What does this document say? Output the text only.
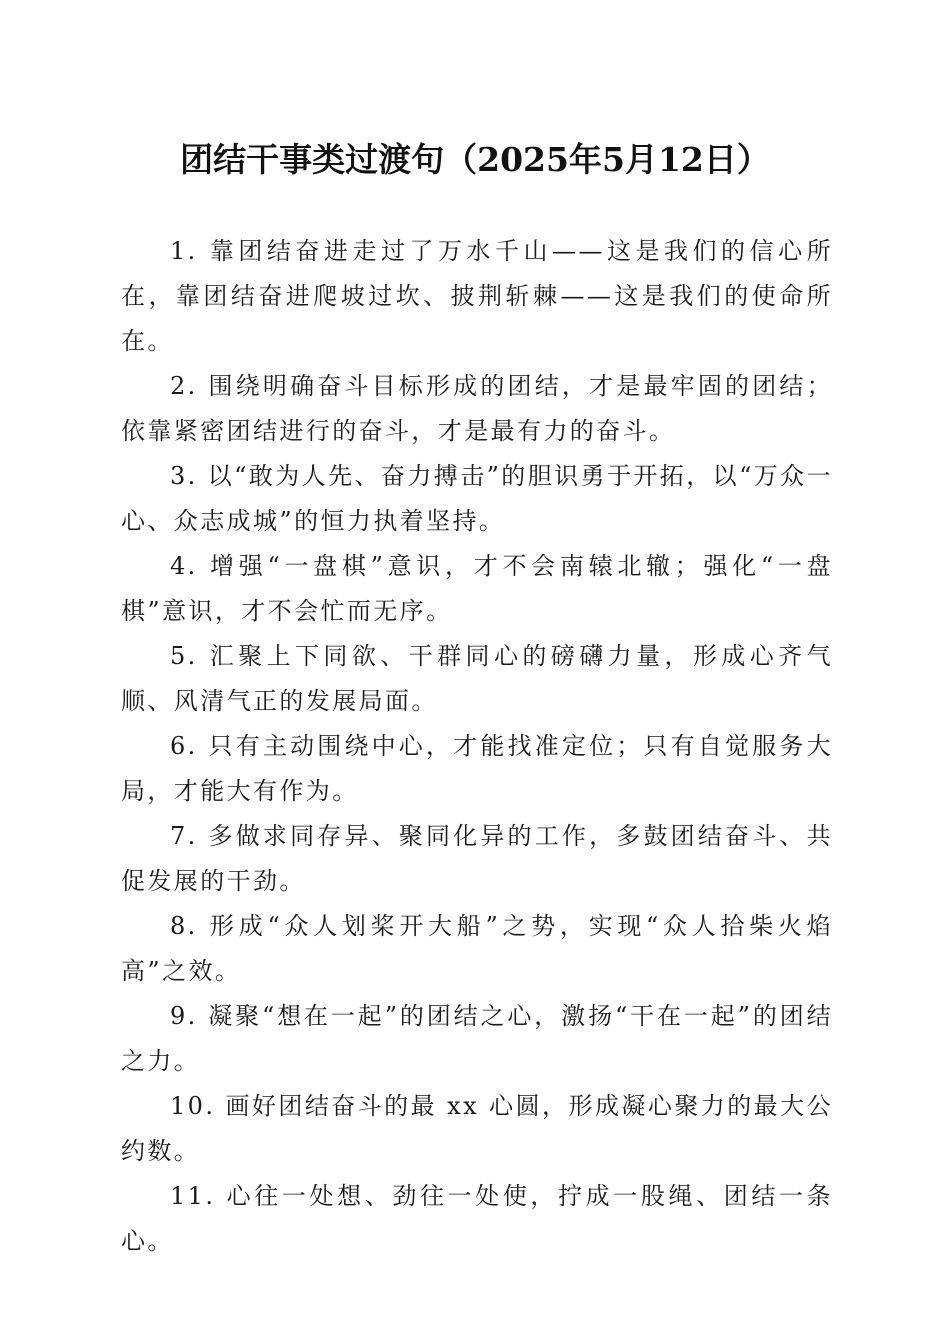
团结干事类过渡句（2025年5月12日）

1. 靠团结奋进走过了万水千山——这是我们的信心所在，靠团结奋进爬坡过坎、披荆斩棘——这是我们的使命所在。

2. 围绕明确奋斗目标形成的团结，才是最牢固的团结；依靠紧密团结进行的奋斗，才是最有力的奋斗。

3. 以“敢为人先、奋力搏击”的胆识勇于开拓，以“万众一心、众志成城”的恒力执着坚持。

4. 增强“一盘棋”意识，才不会南辕北辙；强化“一盘棋”意识，才不会忙而无序。

5. 汇聚上下同欲、干群同心的磅礴力量，形成心齐气顺、风清气正的发展局面。

6. 只有主动围绕中心，才能找准定位；只有自觉服务大局，才能大有作为。

7. 多做求同存异、聚同化异的工作，多鼓团结奋斗、共促发展的干劲。

8. 形成“众人划桨开大船”之势，实现“众人拾柴火焰高”之效。

9. 凝聚“想在一起”的团结之心，激扬“干在一起”的团结之力。

10. 画好团结奋斗的最 xx 心圆，形成凝心聚力的最大公约数。

11. 心往一处想、劲往一处使，拧成一股绳、团结一条心。
